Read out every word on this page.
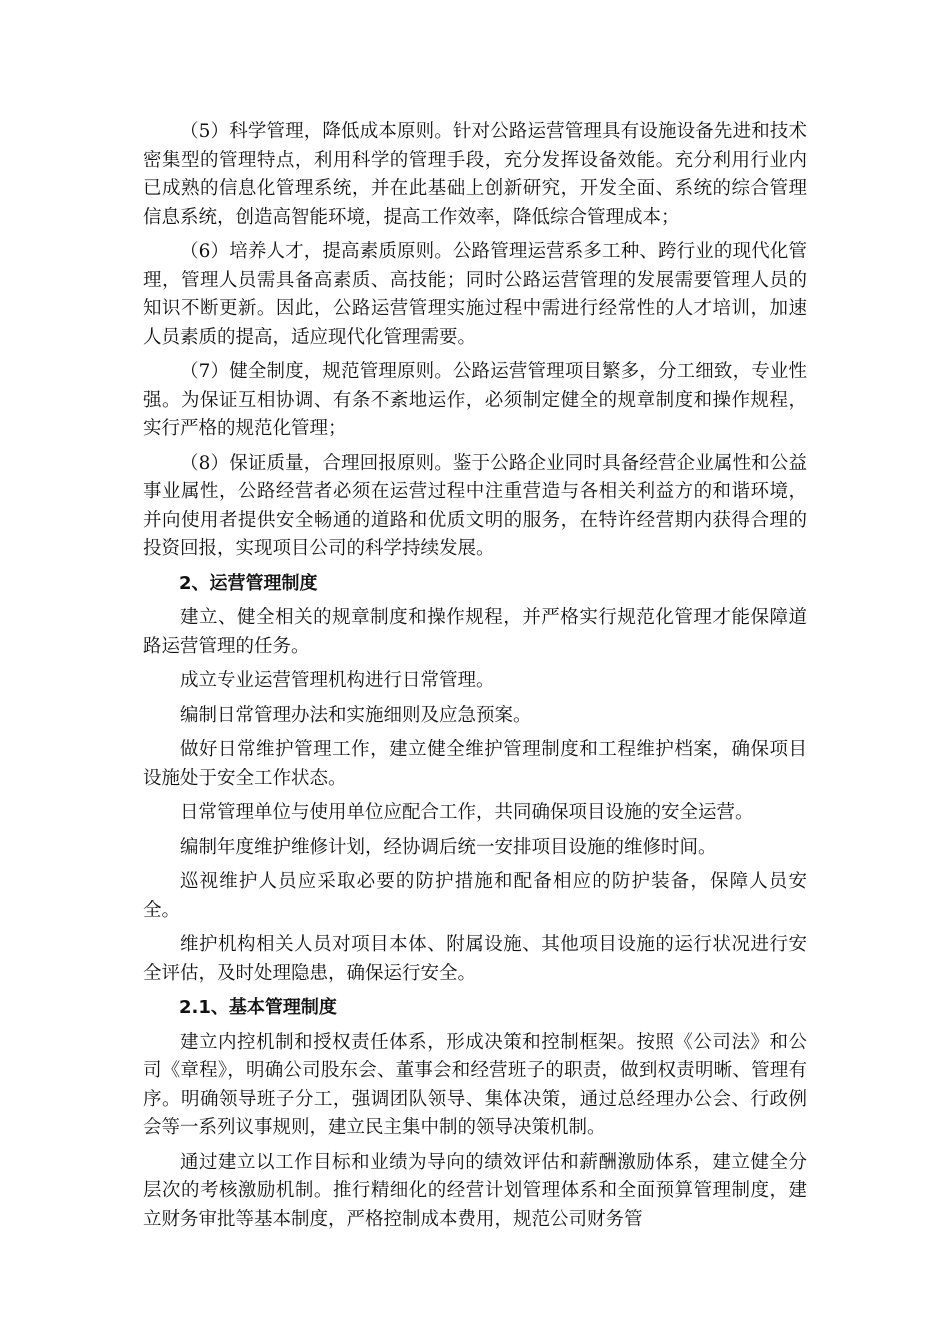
（5）科学管理，降低成本原则。针对公路运营管理具有设施设备先进和技术密集型的管理特点，利用科学的管理手段，充分发挥设备效能。充分利用行业内已成熟的信息化管理系统，并在此基础上创新研究，开发全面、系统的综合管理信息系统，创造高智能环境，提高工作效率，降低综合管理成本；

（6）培养人才，提高素质原则。公路管理运营系多工种、跨行业的现代化管理，管理人员需具备高素质、高技能；同时公路运营管理的发展需要管理人员的知识不断更新。因此，公路运营管理实施过程中需进行经常性的人才培训，加速人员素质的提高，适应现代化管理需要。

（7）健全制度，规范管理原则。公路运营管理项目繁多，分工细致，专业性强。为保证互相协调、有条不紊地运作，必须制定健全的规章制度和操作规程，实行严格的规范化管理；

（8）保证质量，合理回报原则。鉴于公路企业同时具备经营企业属性和公益事业属性，公路经营者必须在运营过程中注重营造与各相关利益方的和谐环境，并向使用者提供安全畅通的道路和优质文明的服务，在特许经营期内获得合理的投资回报，实现项目公司的科学持续发展。

2、运营管理制度

建立、健全相关的规章制度和操作规程，并严格实行规范化管理才能保障道路运营管理的任务。

成立专业运营管理机构进行日常管理。

编制日常管理办法和实施细则及应急预案。

做好日常维护管理工作，建立健全维护管理制度和工程维护档案，确保项目设施处于安全工作状态。

日常管理单位与使用单位应配合工作，共同确保项目设施的安全运营。

编制年度维护维修计划，经协调后统一安排项目设施的维修时间。

巡视维护人员应采取必要的防护措施和配备相应的防护装备，保障人员安全。

维护机构相关人员对项目本体、附属设施、其他项目设施的运行状况进行安全评估，及时处理隐患，确保运行安全。

2.1、基本管理制度

建立内控机制和授权责任体系，形成决策和控制框架。按照《公司法》和公司《章程》，明确公司股东会、董事会和经营班子的职责，做到权责明晰、管理有序。明确领导班子分工，强调团队领导、集体决策，通过总经理办公会、行政例会等一系列议事规则，建立民主集中制的领导决策机制。

通过建立以工作目标和业绩为导向的绩效评估和薪酬激励体系，建立健全分层次的考核激励机制。推行精细化的经营计划管理体系和全面预算管理制度，建立财务审批等基本制度，严格控制成本费用，规范公司财务管
